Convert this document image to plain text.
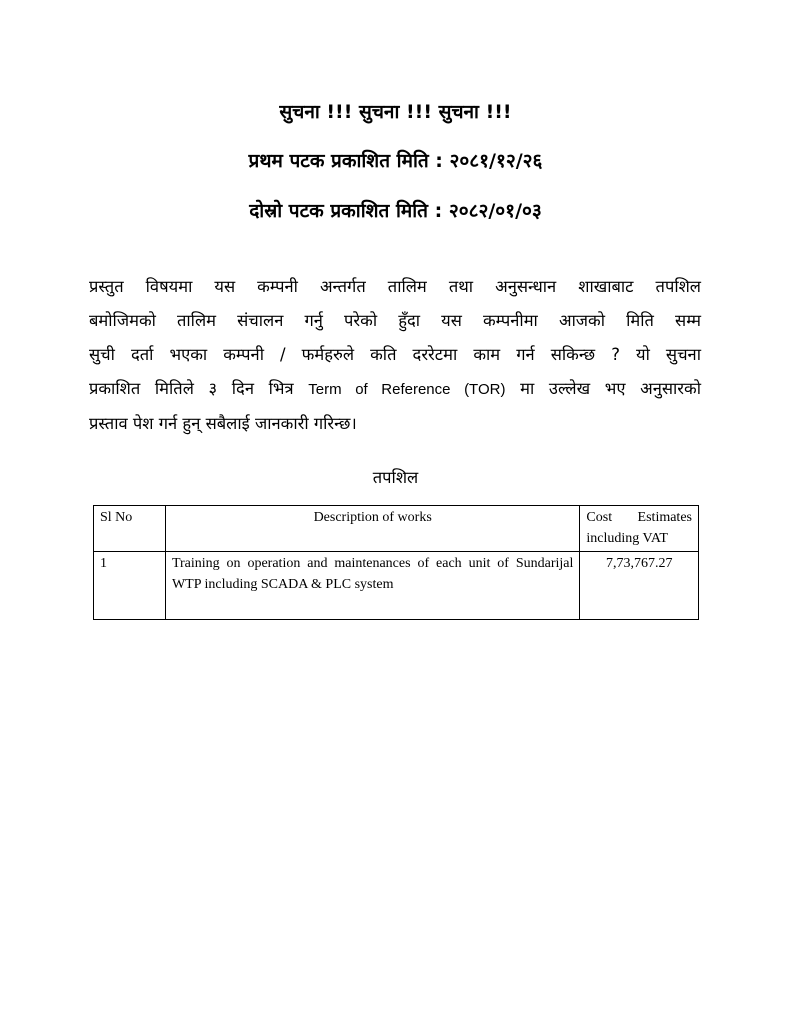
सुचना !!! सुचना !!! सुचना !!!
प्रथम पटक प्रकाशित मिति : २०८१/१२/२६
दोस्रो पटक प्रकाशित मिति : २०८२/०१/०३
प्रस्तुत विषयमा यस कम्पनी अन्तर्गत तालिम तथा अनुसन्धान शाखाबाट तपशिल
बमोजिमको तालिम संचालन गर्नु परेको हुँदा यस कम्पनीमा आजको मिति सम्म
सुची दर्ता भएका कम्पनी / फर्महरुले कति दररेटमा काम गर्न सकिन्छ ? यो सुचना
प्रकाशित मितिले ३ दिन भित्र Term of Reference (TOR) मा उल्लेख भए अनुसारको
प्रस्ताव पेश गर्न हुन् सबैलाई जानकारी गरिन्छ।
तपशिल
Sl No	Description of works	Cost Estimates including VAT
1	Training on operation and maintenances of each unit of Sundarijal WTP including SCADA & PLC system	7,73,767.27
